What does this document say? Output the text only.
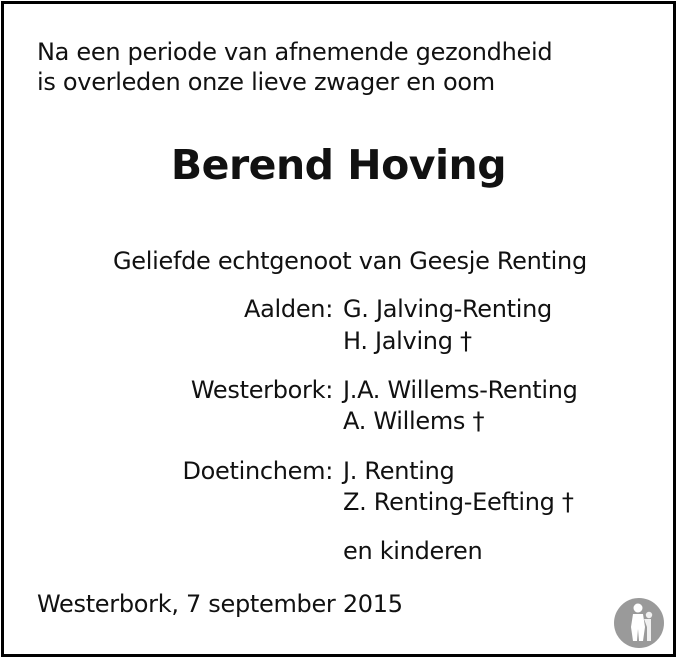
Na een periode van afnemende gezondheid
is overleden onze lieve zwager en oom
Berend Hoving
Geliefde echtgenoot van Geesje Renting
Aalden: G. Jalving-Renting
H. Jalving †
Westerbork: J.A. Willems-Renting
A. Willems †
Doetinchem: J. Renting
Z. Renting-Eefting †
en kinderen
Westerbork, 7 september 2015
